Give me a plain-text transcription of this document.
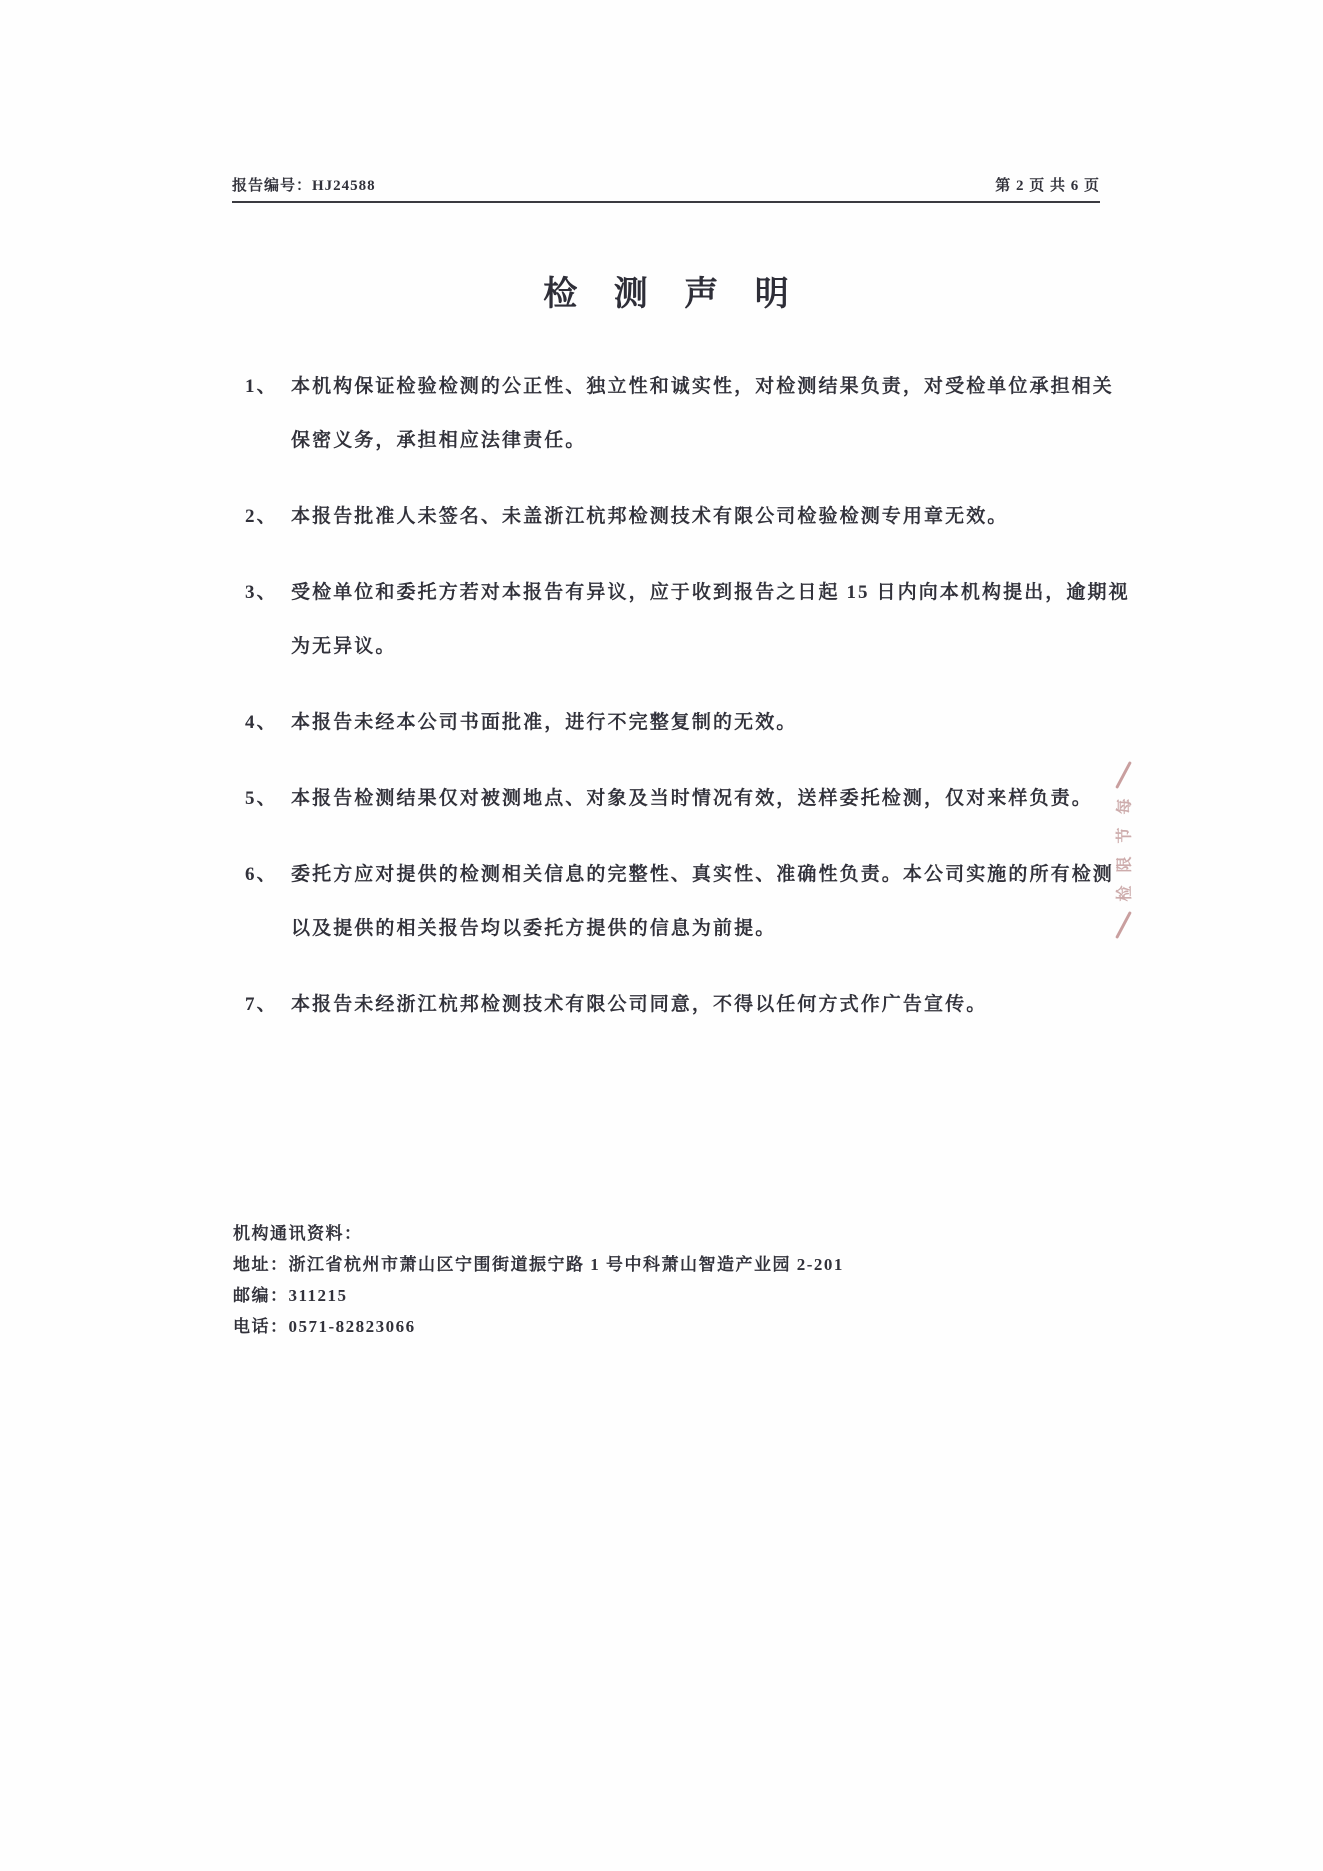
报告编号：HJ24588	第 2 页 共 6 页
检 测 声 明
1、 本机构保证检验检测的公正性、独立性和诚实性，对检测结果负责，对受检单位承担相关
保密义务，承担相应法律责任。
2、 本报告批准人未签名、未盖浙江杭邦检测技术有限公司检验检测专用章无效。
3、 受检单位和委托方若对本报告有异议，应于收到报告之日起 15 日内向本机构提出，逾期视
为无异议。
4、 本报告未经本公司书面批准，进行不完整复制的无效。
5、 本报告检测结果仅对被测地点、对象及当时情况有效，送样委托检测，仅对来样负责。
6、 委托方应对提供的检测相关信息的完整性、真实性、准确性负责。本公司实施的所有检测
以及提供的相关报告均以委托方提供的信息为前提。
7、 本报告未经浙江杭邦检测技术有限公司同意，不得以任何方式作广告宣传。
机构通讯资料：
地址：浙江省杭州市萧山区宁围街道振宁路 1 号中科萧山智造产业园 2-201
邮编：311215
电话：0571-82823066
每
节
限
检
